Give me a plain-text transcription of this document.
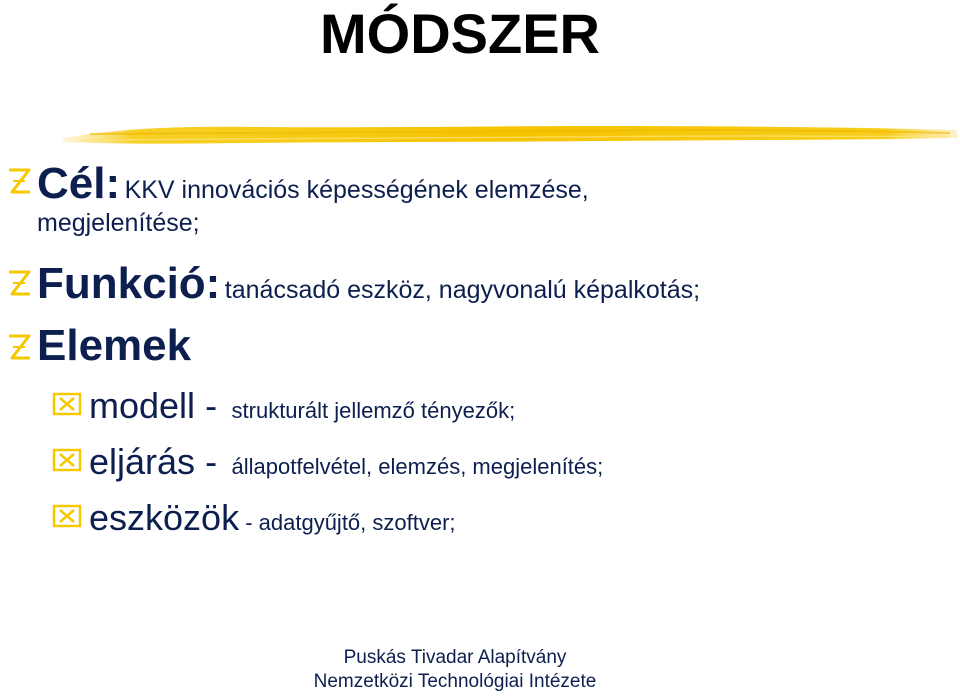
MÓDSZER
Cél: KKV innovációs képességének elemzése,
megjelenítése;
Funkció: tanácsadó eszköz, nagyvonalú képalkotás;
Elemek
modell -  strukturált jellemző tényezők;
eljárás -  állapotfelvétel, elemzés, megjelenítés;
eszközök - adatgyűjtő, szoftver;
Puskás Tivadar Alapítvány
Nemzetközi Technológiai Intézete
